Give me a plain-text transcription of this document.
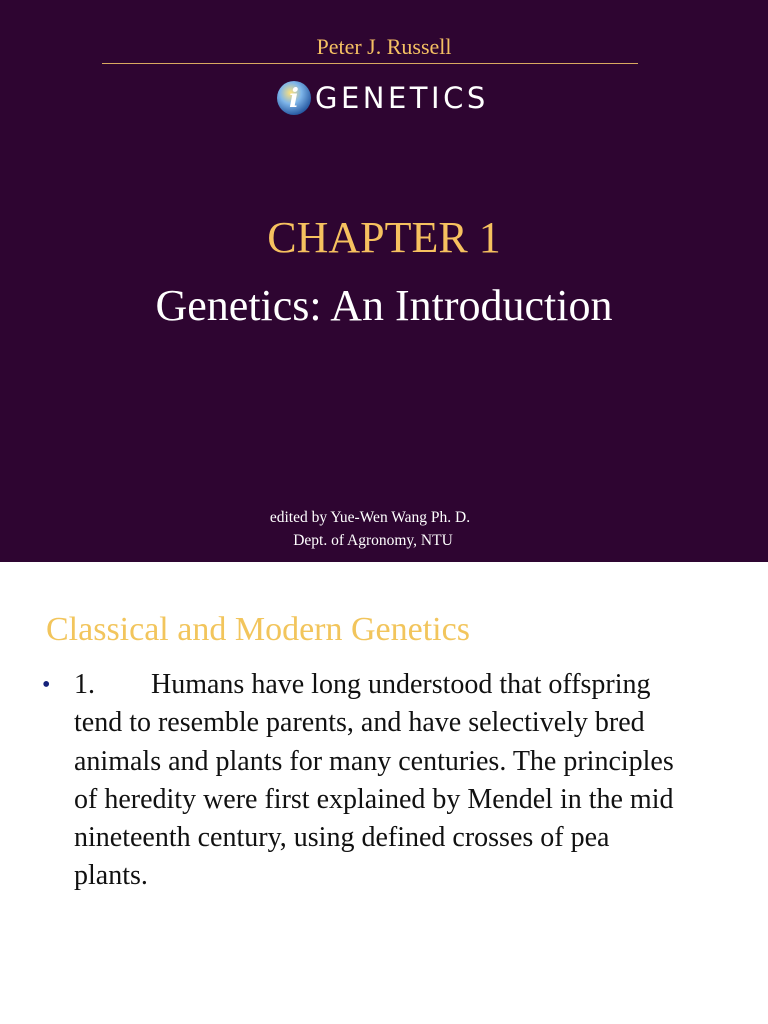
Peter J. Russell
i GENETICS
CHAPTER 1
Genetics: An Introduction
edited by Yue-Wen Wang Ph. D.
Dept. of Agronomy, NTU
Classical and Modern Genetics
• 1. Humans have long understood that offspring tend to resemble parents, and have selectively bred animals and plants for many centuries. The principles of heredity were first explained by Mendel in the mid nineteenth century, using defined crosses of pea plants.
